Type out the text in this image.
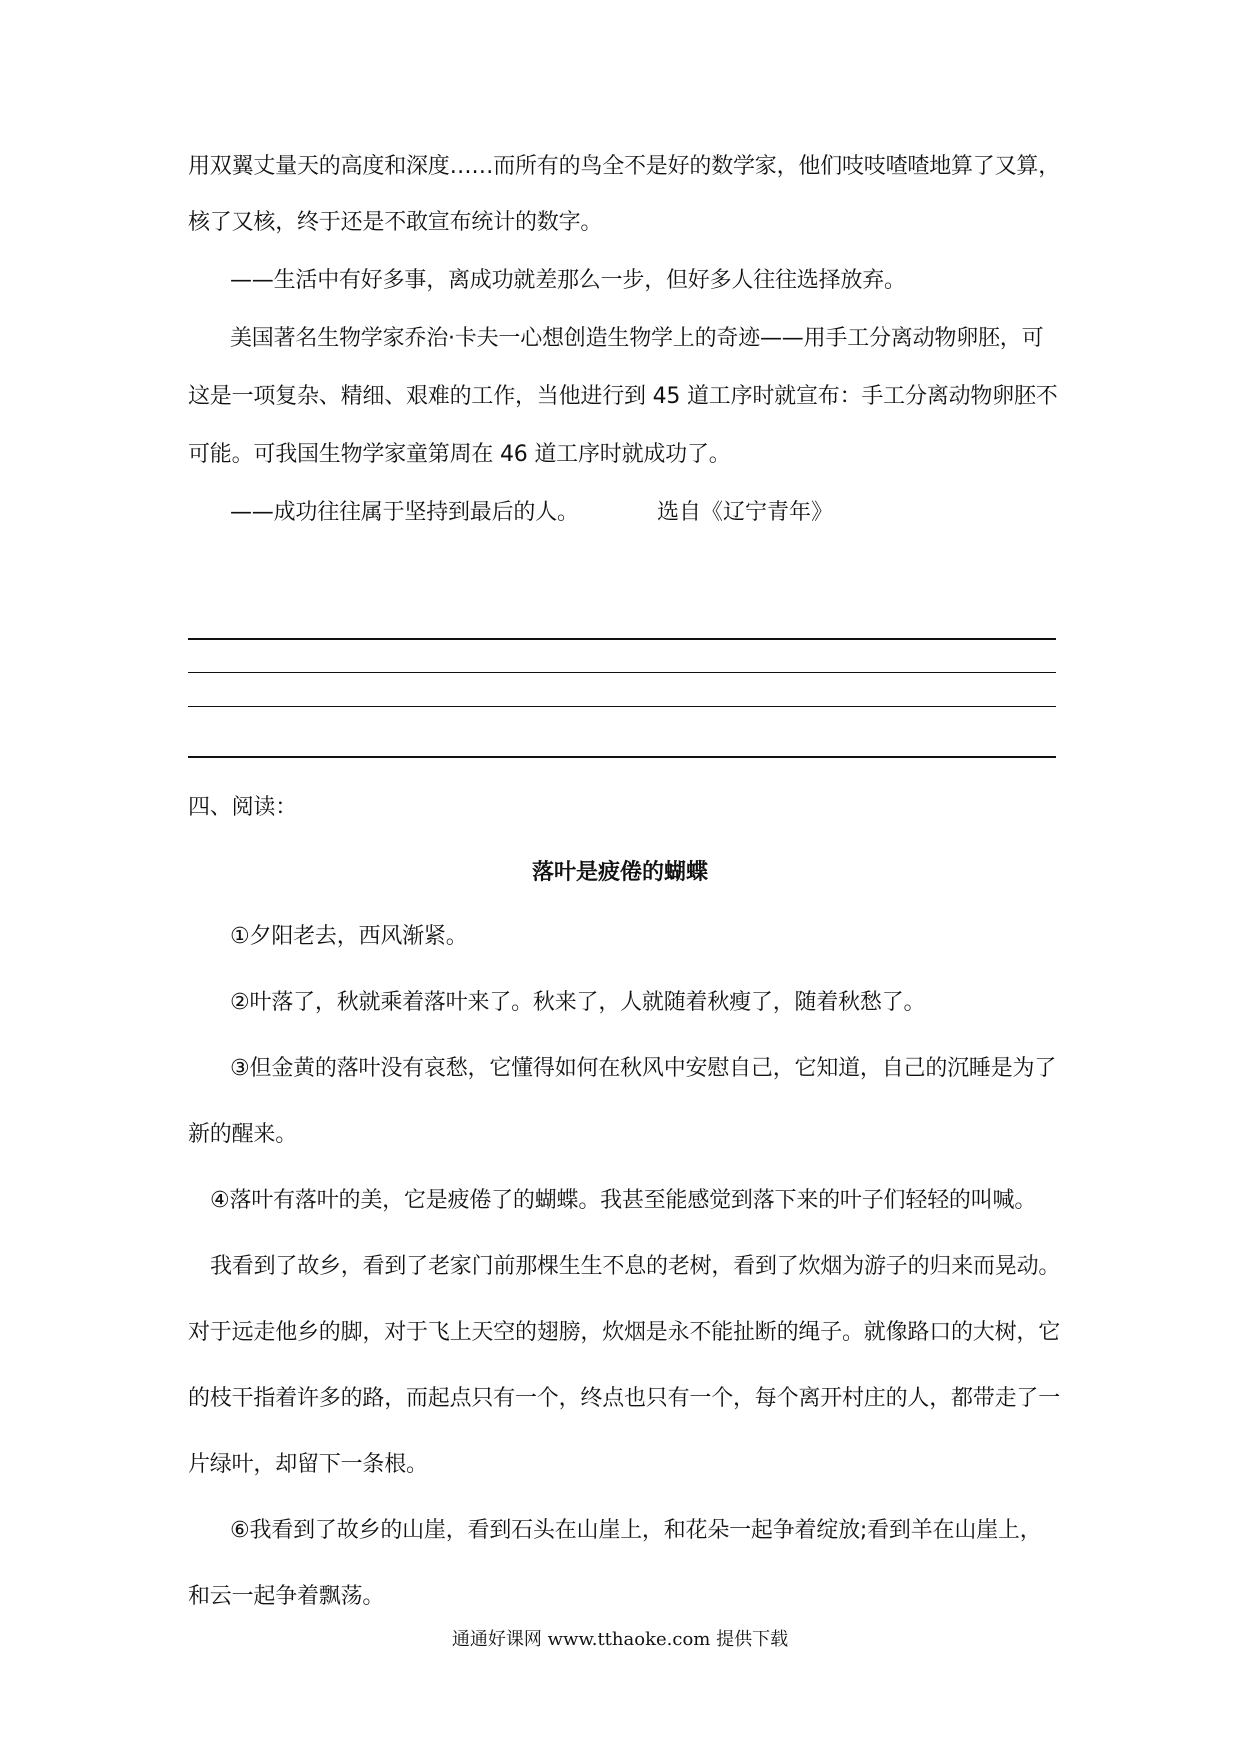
用双翼丈量天的高度和深度……而所有的鸟全不是好的数学家，他们吱吱喳喳地算了又算，
核了又核，终于还是不敢宣布统计的数字。
——生活中有好多事，离成功就差那么一步，但好多人往往选择放弃。
美国著名生物学家乔治·卡夫一心想创造生物学上的奇迹——用手工分离动物卵胚，可
这是一项复杂、精细、艰难的工作，当他进行到 45 道工序时就宣布：手工分离动物卵胚不
可能。可我国生物学家童第周在 46 道工序时就成功了。
——成功往往属于坚持到最后的人。	选自《辽宁青年》
四、阅读：
落叶是疲倦的蝴蝶
①夕阳老去，西风渐紧。
②叶落了，秋就乘着落叶来了。秋来了，人就随着秋瘦了，随着秋愁了。
③但金黄的落叶没有哀愁，它懂得如何在秋风中安慰自己，它知道，自己的沉睡是为了
新的醒来。
④落叶有落叶的美，它是疲倦了的蝴蝶。我甚至能感觉到落下来的叶子们轻轻的叫喊。
我看到了故乡，看到了老家门前那棵生生不息的老树，看到了炊烟为游子的归来而晃动。
对于远走他乡的脚，对于飞上天空的翅膀，炊烟是永不能扯断的绳子。就像路口的大树，它
的枝干指着许多的路，而起点只有一个，终点也只有一个，每个离开村庄的人，都带走了一
片绿叶，却留下一条根。
⑥我看到了故乡的山崖，看到石头在山崖上，和花朵一起争着绽放;看到羊在山崖上，
和云一起争着飘荡。
通通好课网 www.tthaoke.com 提供下载
